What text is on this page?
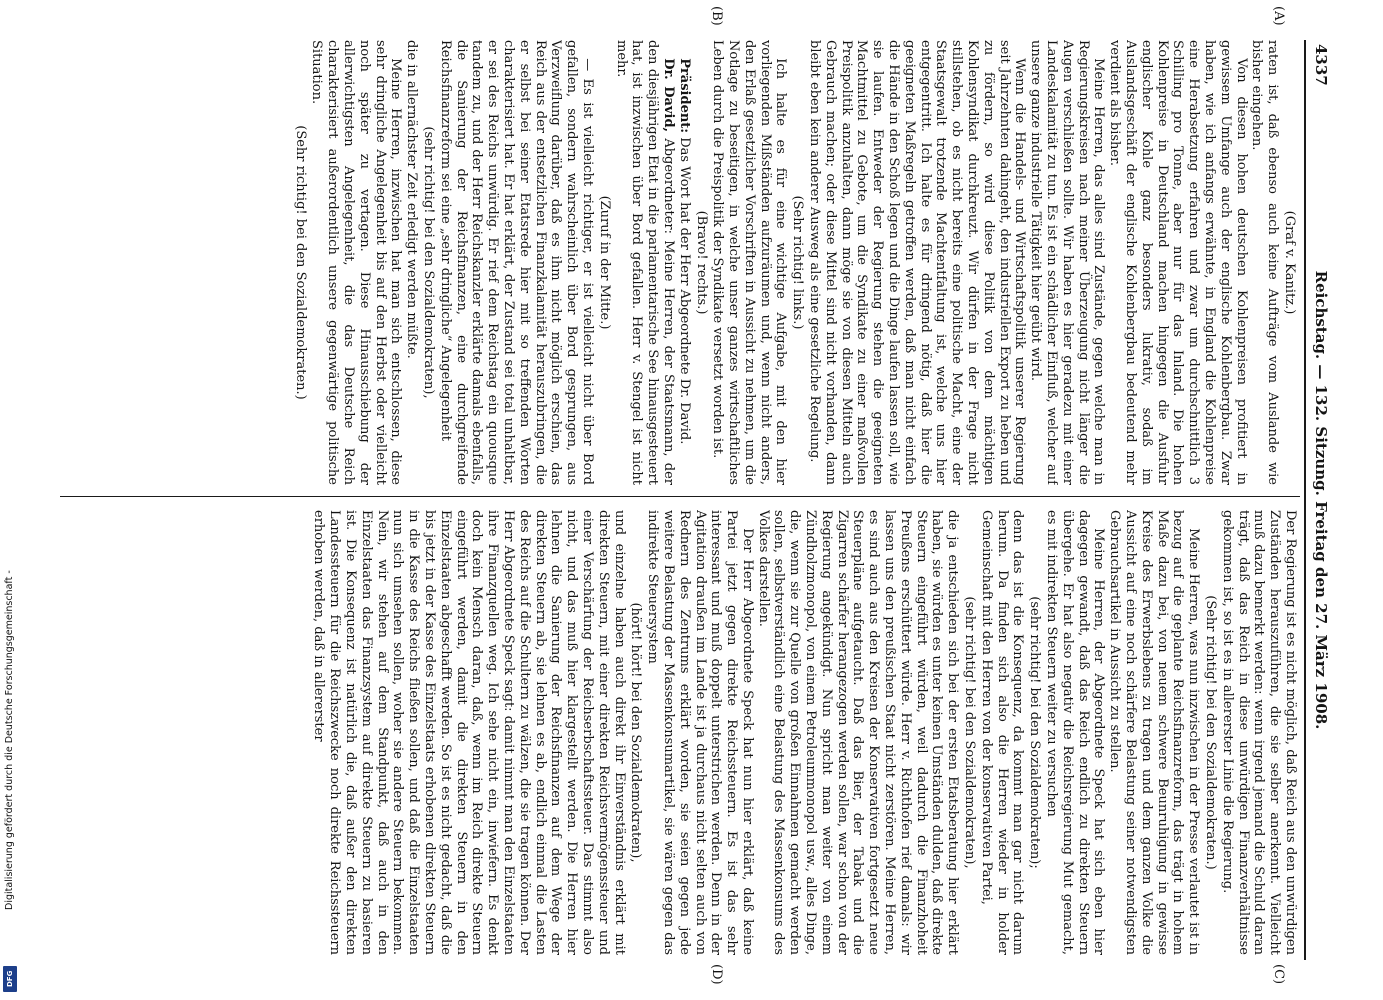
4337
Reichstag. — 132. Sitzung. Freitag den 27. März 1908.
(A)
(B)
(C)
(D)

(Graf v. Kanitz.)

raten ist, daß ebenso auch keine Aufträge vom Auslande wie bisher eingehen.

Von diesen hohen deutschen Kohlenpreisen profitiert in gewissem Umfange auch der englische Kohlenbergbau. Zwar haben, wie ich anfangs erwähnte, in England die Kohlenpreise eine Herabsetzung erfahren und zwar um durchschnittlich 3 Schilling pro Tonne, aber nur für das Inland. Die hohen Kohlenpreise in Deutschland machen hingegen die Ausfuhr englischer Kohle ganz besonders lukrativ, sodaß im Auslandsgeschäft der englische Kohlenbergbau bedeutend mehr verdient als bisher.

Meine Herren, das alles sind Zustände, gegen welche man in Regierungskreisen nach meiner Überzeugung nicht länger die Augen verschließen sollte. Wir haben es hier geradezu mit einer Landeskalamität zu tun. Es ist ein schädlicher Einfluß, welcher auf unsere ganze industrielle Tätigkeit hier geübt wird.

Wenn die Handels- und Wirtschaftspolitik unserer Regierung seit Jahrzehnten dahingeht, den industriellen Export zu heben und zu fördern, so wird diese Politik von dem mächtigen Kohlensyndikat durchkreuzt. Wir dürfen in der Frage nicht stillstehen, ob es nicht bereits eine politische Macht, eine der Staatsgewalt trotzende Machtentfaltung ist, welche uns hier entgegentritt. Ich halte es für dringend nötig, daß hier die geeigneten Maßregeln getroffen werden, daß man nicht einfach die Hände in den Schoß legen und die Dinge laufen lassen soll, wie sie laufen. Entweder der Regierung stehen die geeigneten Machtmittel zu Gebote, um die Syndikate zu einer maßvollen Preispolitik anzuhalten, dann möge sie von diesen Mitteln auch Gebrauch machen; oder diese Mittel sind nicht vorhanden, dann bleibt eben kein anderer Ausweg als eine gesetzliche Regelung.

(Sehr richtig! links.)

Ich halte es für eine wichtige Aufgabe, mit den hier vorliegenden Mißständen aufzuräumen und, wenn nicht anders, den Erlaß gesetzlicher Vorschriften in Aussicht zu nehmen, um die Notlage zu beseitigen, in welche unser ganzes wirtschaftliches Leben durch die Preispolitik der Syndikate versetzt worden ist.

(Bravo! rechts.)

Präsident: Das Wort hat der Herr Abgeordnete Dr. David.

Dr. David, Abgeordneter: Meine Herren, der Staatsmann, der den diesjährigen Etat in die parlamentarische See hinausgesteuert hat, ist inzwischen über Bord gefallen. Herr v. Stengel ist nicht mehr.

(Zuruf in der Mitte.)

— Es ist vielleicht richtiger, er ist vielleicht nicht über Bord gefallen, sondern wahrscheinlich über Bord gesprungen, aus Verzweiflung darüber, daß es ihm nicht möglich erschien, das Reich aus der entsetzlichen Finanzkalamität herauszubringen, die er selbst bei seiner Etatsrede hier mit so treffenden Worten charakterisiert hat. Er hat erklärt, der Zustand sei total unhaltbar, er sei des Reichs unwürdig. Er rief dem Reichstag ein quousque tandem zu, und der Herr Reichskanzler erklärte damals ebenfalls, die Sanierung der Reichsfinanzen, eine durchgreifende Reichsfinanzreform sei eine „sehr dringliche“ Angelegenheit

(sehr richtig! bei den Sozialdemokraten),

die in allernächster Zeit erledigt werden müßte.

Meine Herren, inzwischen hat man sich entschlossen, diese sehr dringliche Angelegenheit bis auf den Herbst oder vielleicht noch später zu vertagen. Diese Hinausschiebung der allerwichtigsten Angelegenheit, die das Deutsche Reich charakterisiert außerordentlich unsere gegenwärtige politische Situation.

(Sehr richtig! bei den Sozialdemokraten.)

Der Regierung ist es nicht möglich, daß Reich aus den unwürdigen Zuständen herauszuführen, die sie selber anerkennt. Vielleicht muß dazu bemerkt werden: wenn irgend jemand die Schuld daran trägt, daß das Reich in diese unwürdigen Finanzverhältnisse gekommen ist, so ist es in allererster Linie die Regierung.

(Sehr richtig! bei den Sozialdemokraten.)

Meine Herren, was nun inzwischen in der Presse verlautet ist in bezug auf die geplante Reichsfinanzreform, das trägt in hohem Maße dazu bei, von neuem schwere Beunruhigung in gewisse Kreise des Erwerbslebens zu tragen und dem ganzen Volke die Aussicht auf eine noch schärfere Belastung seiner notwendigsten Gebrauchsartikel in Aussicht zu stellen.

Meine Herren, der Abgeordnete Speck hat sich eben hier dagegen gewandt, daß das Reich endlich zu direkten Steuern übergehe. Er hat also negativ die Reichsregierung Mut gemacht, es mit indirekten Steuern weiter zu versuchen

(sehr richtig! bei den Sozialdemokraten);

denn das ist die Konsequenz, da kommt man gar nicht darum herum. Da finden sich also die Herren wieder in holder Gemeinschaft mit den Herren von der konservativen Partei,

(sehr richtig! bei den Sozialdemokraten),

die ja entschieden sich bei der ersten Etatsberatung hier erklärt haben, sie würden es unter keinen Umständen dulden, daß direkte Steuern eingeführt würden, weil dadurch die Finanzhoheit Preußens erschüttert würde. Herr v. Richthofen rief damals: wir lassen uns den preußischen Staat nicht zerstören. Meine Herren, es sind auch aus den Kreisen der Konservativen fortgesetzt neue Steuerpläne aufgetaucht. Daß das Bier, der Tabak und die Zigarren schärfer herangezogen werden sollen, war schon von der Regierung angekündigt. Nun spricht man weiter von einem Zündholzmonopol, von einem Petroleummonopol usw., alles Dinge, die, wenn sie zur Quelle von großen Einnahmen gemacht werden sollen, selbstverständlich eine Belastung des Massenkonsums des Volkes darstellen.

Der Herr Abgeordnete Speck hat nun hier erklärt, daß keine Partei jetzt gegen direkte Reichssteuern. Es ist das sehr interessant und muß doppelt unterstrichen werden. Denn in der Agitation draußen im Lande ist ja durchaus nicht selten auch von Rednern des Zentrums erklärt worden, sie seien gegen jede weitere Belastung der Massenkonsumartikel, sie wären gegen das indirekte Steuersystem

(hört! hört! bei den Sozialdemokraten),

und einzelne haben auch direkt ihr Einverständnis erklärt mit direkten Steuern, mit einer direkten Reichsvermögenssteuer und einer Verschärfung der Reichserbschaftssteuer. Das stimmt also nicht, und das muß hier klargestellt werden. Die Herren hier lehnen die Sanierung der Reichsfinanzen auf dem Wege der direkten Steuern ab, sie lehnen es ab, endlich einmal die Lasten des Reichs auf die Schultern zu wälzen, die sie tragen können. Der Herr Abgeordnete Speck sagt: damit nimmt man den Einzelstaaten ihre Finanzquellen weg. Ich sehe nicht ein, inwiefern. Es denkt doch kein Mensch daran, daß, wenn im Reich direkte Steuern eingeführt werden, damit die direkten Steuern in den Einzelstaaten abgeschafft werden. So ist es nicht gedacht, daß die bis jetzt in der Kasse des Einzelstaats erhobenen direkten Steuern in die Kasse des Reichs fließen sollen, und daß die Einzelstaaten nun sich umsehen sollen, woher sie andere Steuern bekommen. Nein, wir stehen auf dem Standpunkt, daß auch in den Einzelstaaten das Finanzsystem auf direkte Steuern zu basieren ist. Die Konsequenz ist natürlich die, daß außer den direkten Landessteuern für die Reichszwecke noch direkte Reichssteuern erhoben werden, daß in allererster

Digitalisierung gefördert durch die Deutsche Forschungsgemeinschaft -
DFG
